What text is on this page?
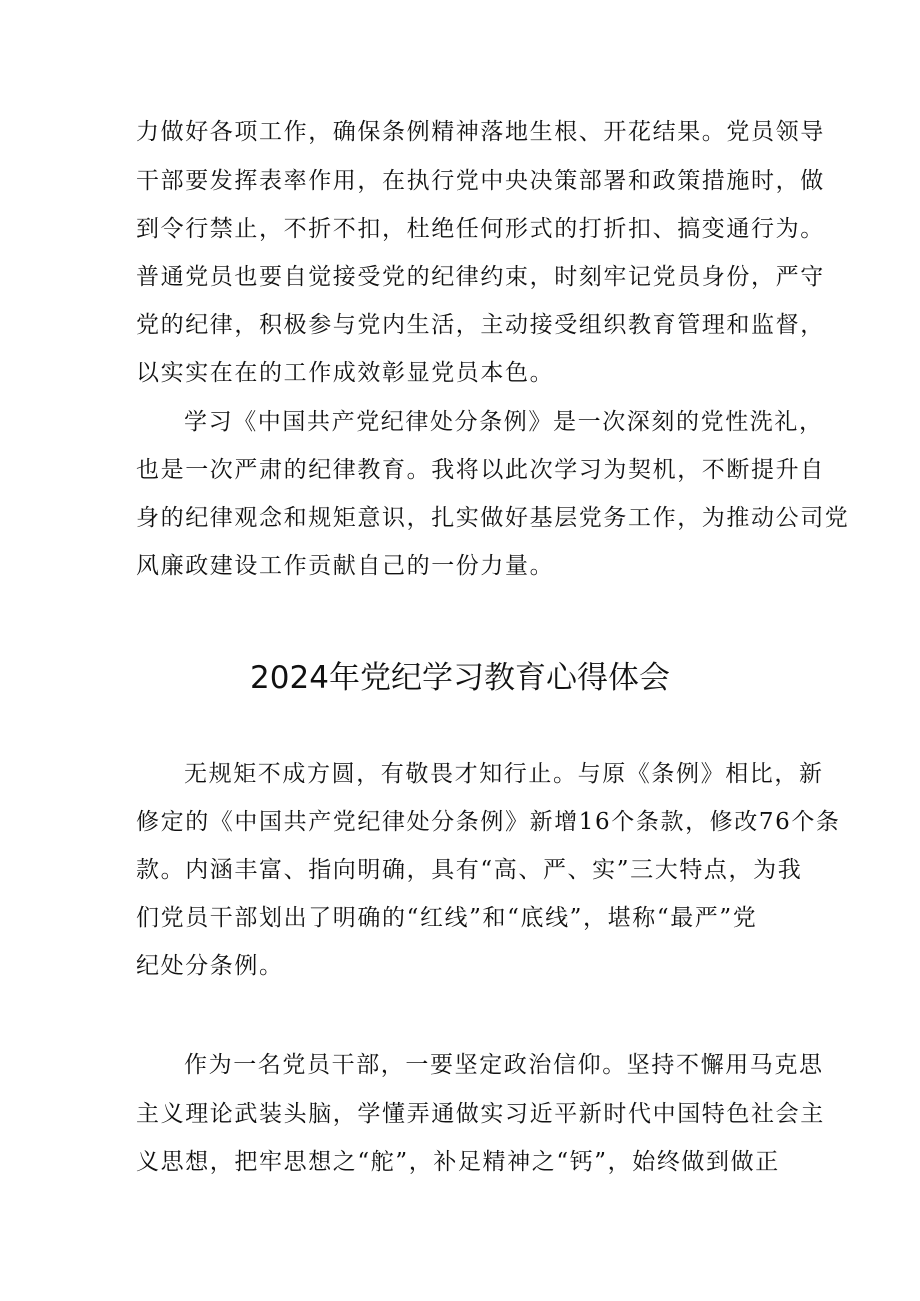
力做好各项工作，确保条例精神落地生根、开花结果。党员领导
干部要发挥表率作用，在执行党中央决策部署和政策措施时，做
到令行禁止，不折不扣，杜绝任何形式的打折扣、搞变通行为。
普通党员也要自觉接受党的纪律约束，时刻牢记党员身份，严守
党的纪律，积极参与党内生活，主动接受组织教育管理和监督，
以实实在在的工作成效彰显党员本色。
学习《中国共产党纪律处分条例》是一次深刻的党性洗礼，
也是一次严肃的纪律教育。我将以此次学习为契机，不断提升自
身的纪律观念和规矩意识，扎实做好基层党务工作，为推动公司党
风廉政建设工作贡献自己的一份力量。
2024年党纪学习教育心得体会
无规矩不成方圆，有敬畏才知行止。与原《条例》相比，新
修定的《中国共产党纪律处分条例》新增16个条款，修改76个条
款。内涵丰富、指向明确，具有“高、严、实”三大特点，为我
们党员干部划出了明确的“红线”和“底线”，堪称“最严”党
纪处分条例。
作为一名党员干部，一要坚定政治信仰。坚持不懈用马克思
主义理论武装头脑，学懂弄通做实习近平新时代中国特色社会主
义思想，把牢思想之“舵”，补足精神之“钙”，始终做到做正
